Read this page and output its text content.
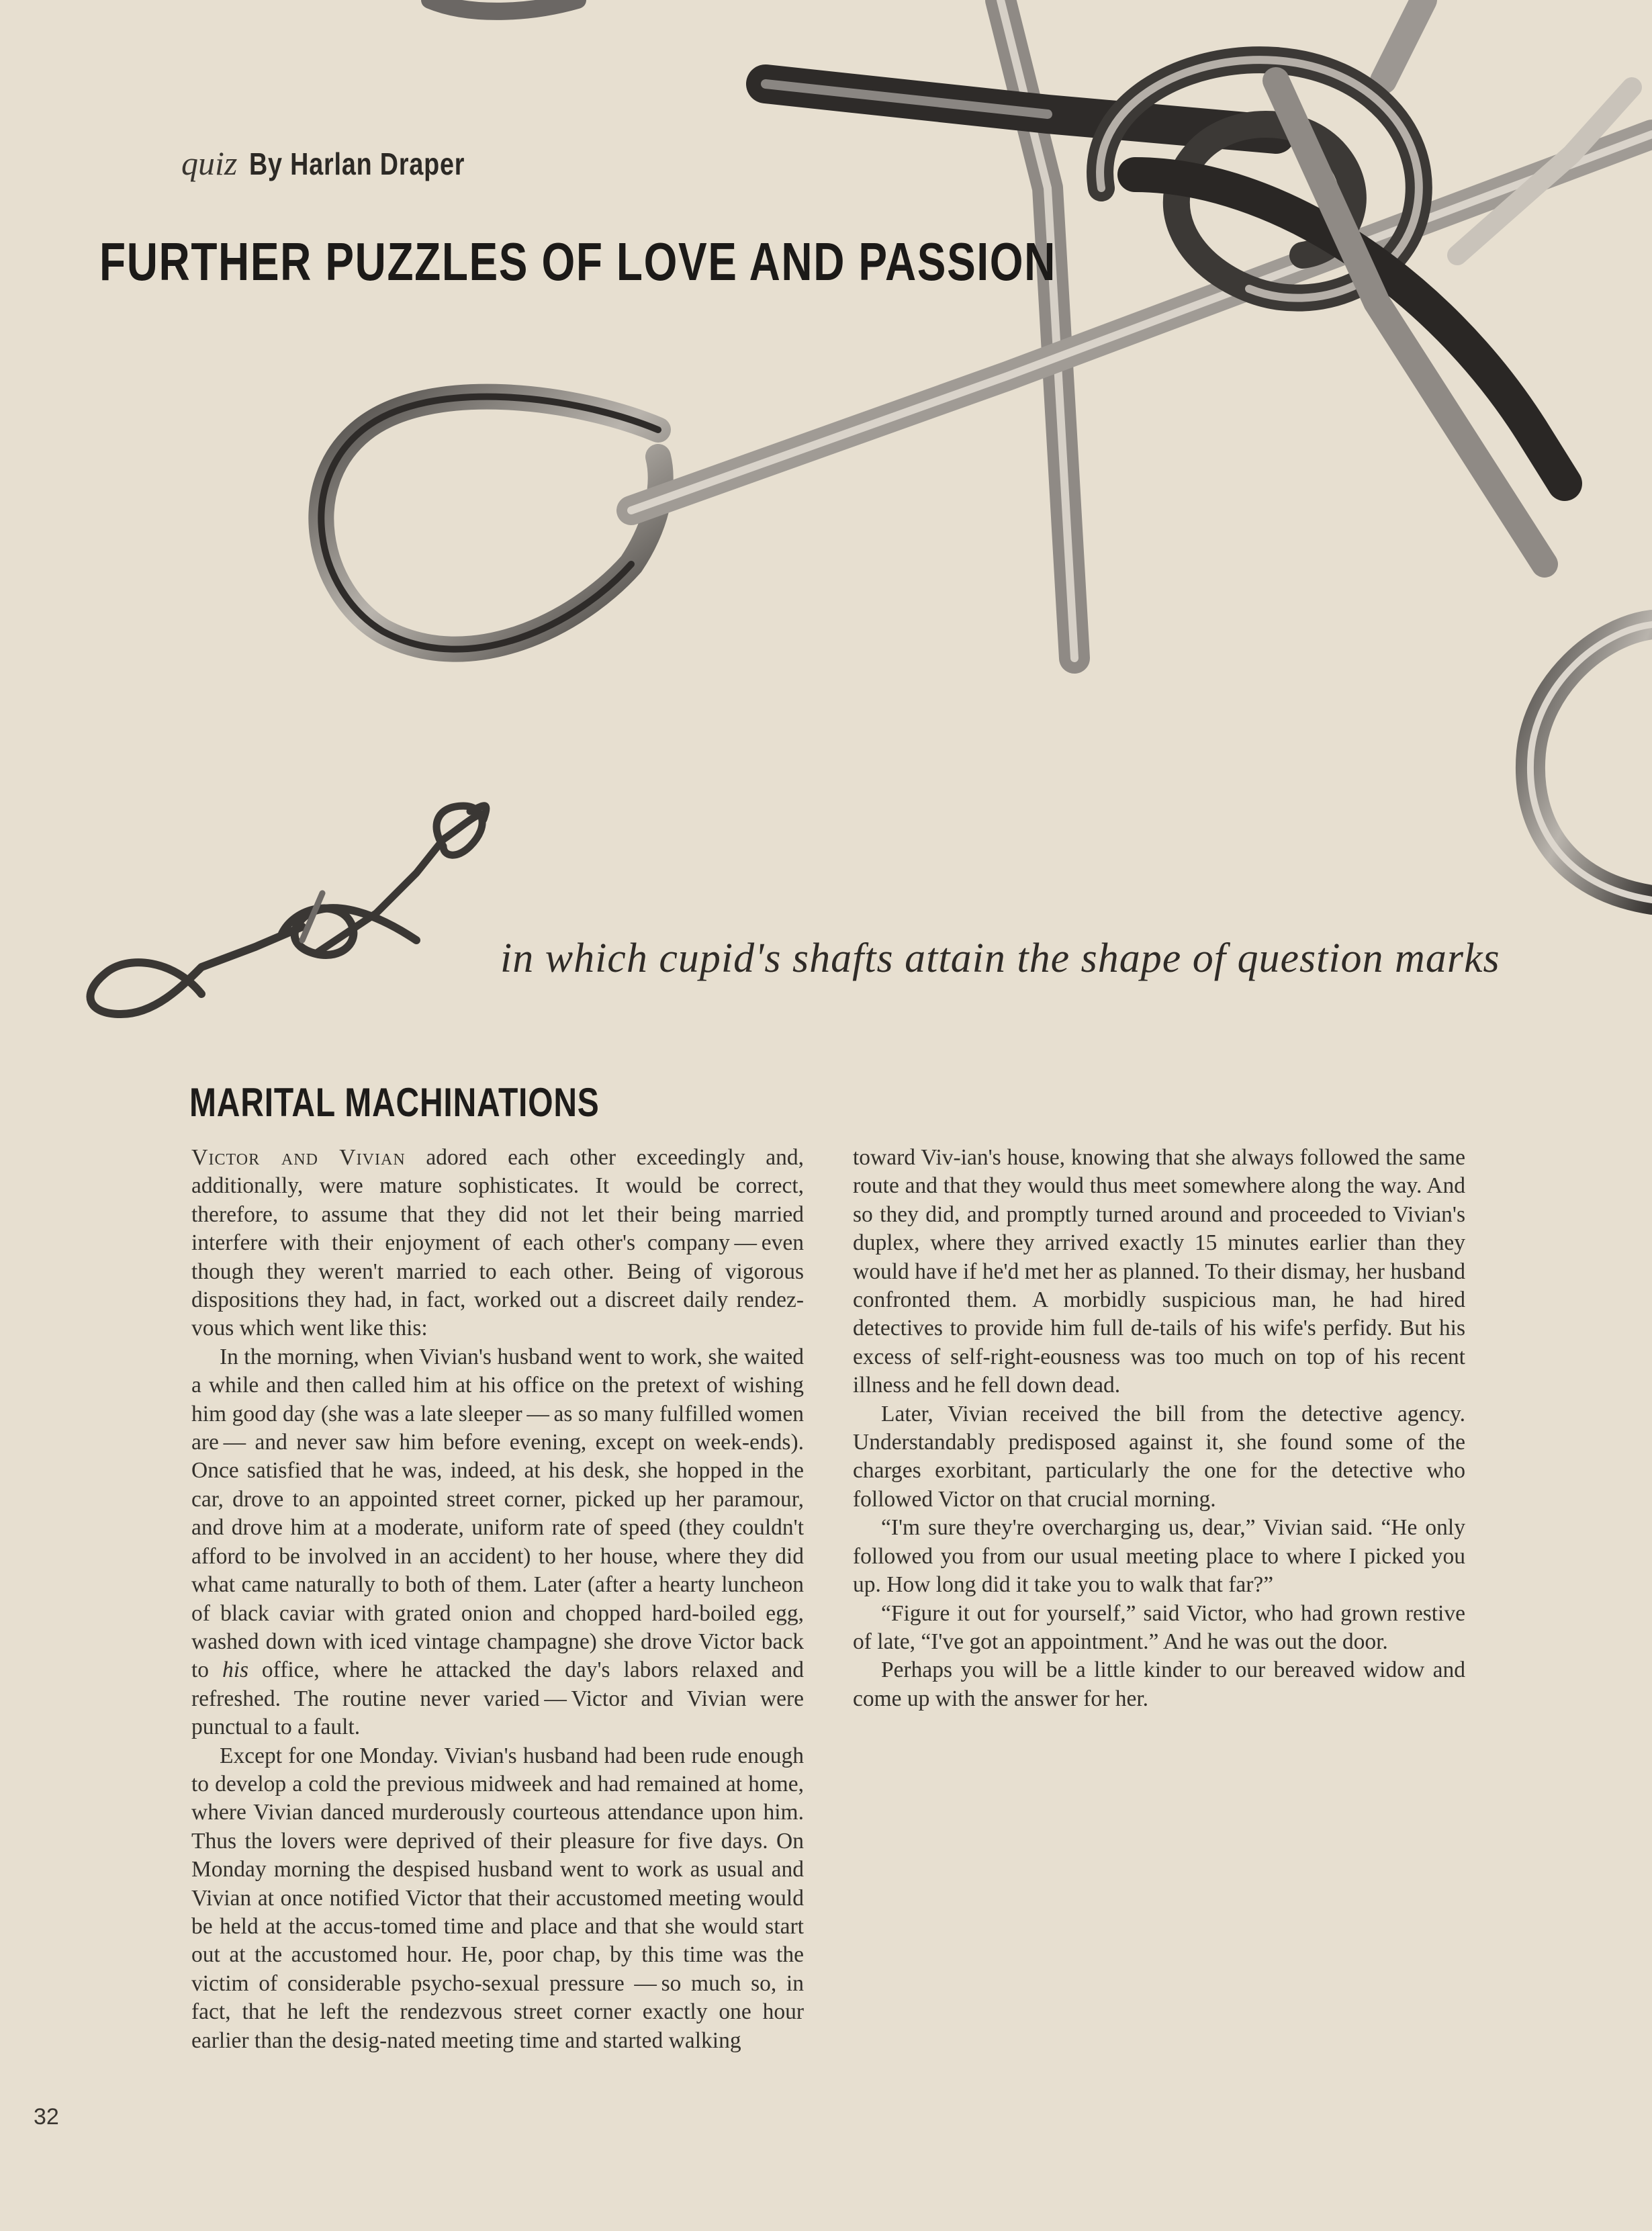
quiz By Harlan Draper
FURTHER PUZZLES OF LOVE AND PASSION
in which cupid's shafts attain the shape of question marks
MARITAL MACHINATIONS

Victor and Vivian adored each other exceedingly and, additionally, were mature sophisticates. It would be correct, therefore, to assume that they did not let their being married interfere with their enjoyment of each other's company — even though they weren't married to each other. Being of vigorous dispositions they had, in fact, worked out a discreet daily rendez-vous which went like this:

In the morning, when Vivian's husband went to work, she waited a while and then called him at his office on the pretext of wishing him good day (she was a late sleeper — as so many fulfilled women are — and never saw him before evening, except on week-ends). Once satisfied that he was, indeed, at his desk, she hopped in the car, drove to an appointed street corner, picked up her paramour, and drove him at a moderate, uniform rate of speed (they couldn't afford to be involved in an accident) to her house, where they did what came naturally to both of them. Later (after a hearty luncheon of black caviar with grated onion and chopped hard-boiled egg, washed down with iced vintage champagne) she drove Victor back to his office, where he attacked the day's labors relaxed and refreshed. The routine never varied — Victor and Vivian were punctual to a fault.

Except for one Monday. Vivian's husband had been rude enough to develop a cold the previous midweek and had remained at home, where Vivian danced murderously courteous attendance upon him. Thus the lovers were deprived of their pleasure for five days. On Monday morning the despised husband went to work as usual and Vivian at once notified Victor that their accustomed meeting would be held at the accus-tomed time and place and that she would start out at the accustomed hour. He, poor chap, by this time was the victim of considerable psycho-sexual pressure — so much so, in fact, that he left the rendezvous street corner exactly one hour earlier than the desig-nated meeting time and started walking

toward Viv-ian's house, knowing that she always followed the same route and that they would thus meet somewhere along the way. And so they did, and promptly turned around and proceeded to Vivian's duplex, where they arrived exactly 15 minutes earlier than they would have if he'd met her as planned. To their dismay, her husband confronted them. A morbidly suspicious man, he had hired detectives to provide him full de-tails of his wife's perfidy. But his excess of self-right-eousness was too much on top of his recent illness and he fell down dead.

Later, Vivian received the bill from the detective agency. Understandably predisposed against it, she found some of the charges exorbitant, particularly the one for the detective who followed Victor on that crucial morning.

“I'm sure they're overcharging us, dear,” Vivian said. “He only followed you from our usual meeting place to where I picked you up. How long did it take you to walk that far?”

“Figure it out for yourself,” said Victor, who had grown restive of late, “I've got an appointment.” And he was out the door.

Perhaps you will be a little kinder to our bereaved widow and come up with the answer for her.

32
